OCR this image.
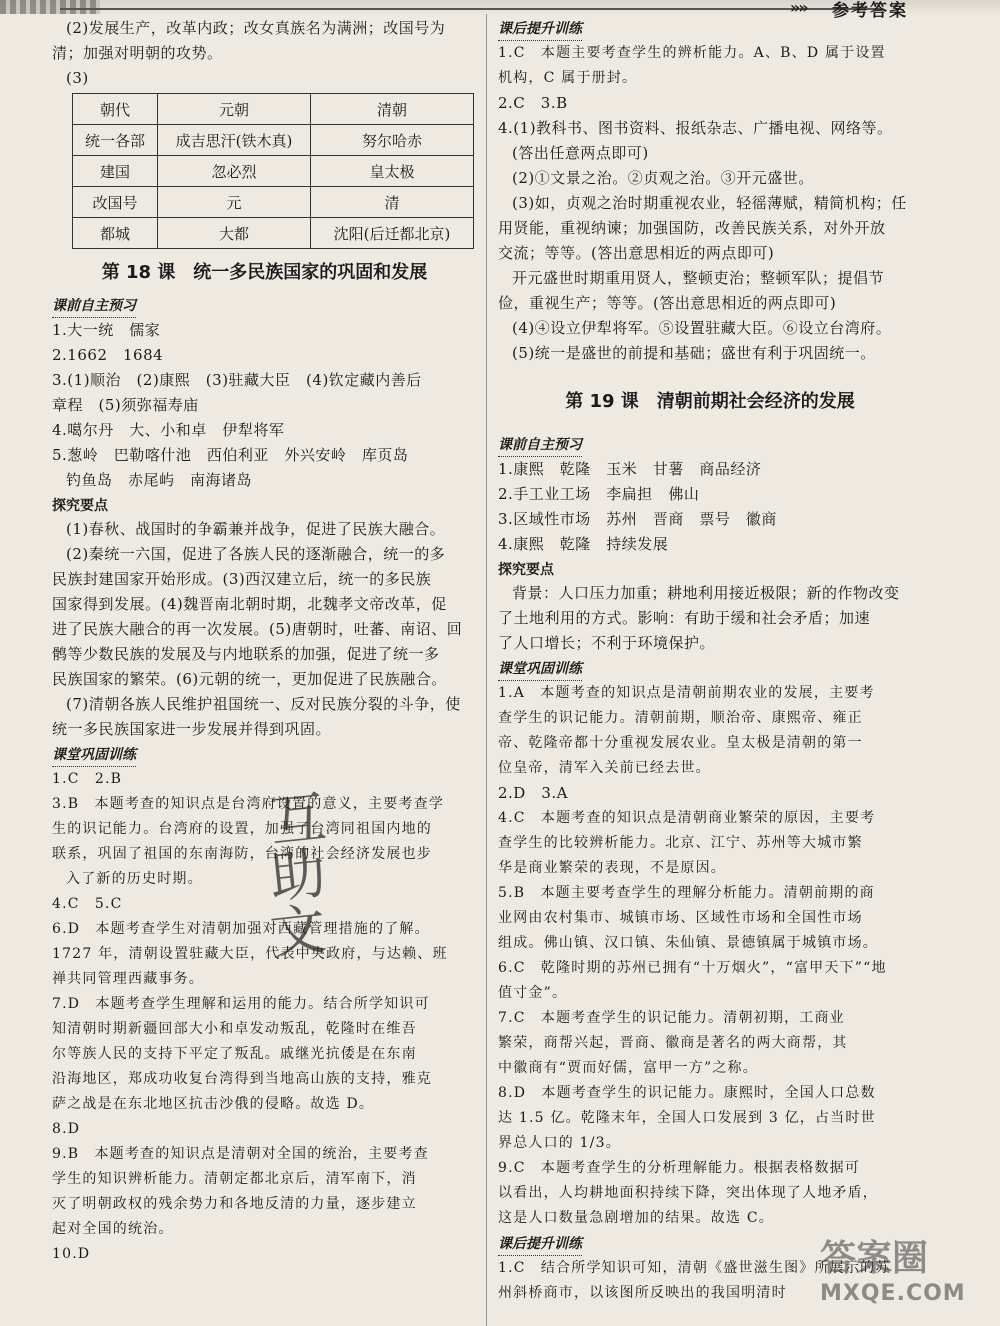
»» 参考答案

(2)发展生产，改革内政；改女真族名为满洲；改国号为

清；加强对明朝的攻势。

(3)

朝代	元朝	清朝
统一各部	成吉思汗(铁木真)	努尔哈赤
建国	忽必烈	皇太极
改国号	元	清
都城	大都	沈阳(后迁都北京)
第 18 课 统一多民族国家的巩固和发展
课前自主预习

1.大一统　儒家

2.1662　1684

3.(1)顺治　(2)康熙　(3)驻藏大臣　(4)钦定藏内善后

章程　(5)须弥福寿庙

4.噶尔丹　大、小和卓　伊犁将军

5.葱岭　巴勒喀什池　西伯利亚　外兴安岭　库页岛

钓鱼岛　赤尾屿　南海诸岛

探究要点

(1)春秋、战国时的争霸兼并战争，促进了民族大融合。

(2)秦统一六国，促进了各族人民的逐渐融合，统一的多

民族封建国家开始形成。(3)西汉建立后，统一的多民族

国家得到发展。(4)魏晋南北朝时期，北魏孝文帝改革，促

进了民族大融合的再一次发展。(5)唐朝时，吐蕃、南诏、回

鹘等少数民族的发展及与内地联系的加强，促进了统一多

民族国家的繁荣。(6)元朝的统一，更加促进了民族融合。

(7)清朝各族人民维护祖国统一、反对民族分裂的斗争，使

统一多民族国家进一步发展并得到巩固。

课堂巩固训练

1.C　2.B

3.B　本题考查的知识点是台湾府设置的意义，主要考查学

生的识记能力。台湾府的设置，加强了台湾同祖国内地的

联系，巩固了祖国的东南海防，台湾的社会经济发展也步

入了新的历史时期。

4.C　5.C

6.D　本题考查学生对清朝加强对西藏管理措施的了解。

1727 年，清朝设置驻藏大臣，代表中央政府，与达赖、班

禅共同管理西藏事务。

7.D　本题考查学生理解和运用的能力。结合所学知识可

知清朝时期新疆回部大小和卓发动叛乱，乾隆时在维吾

尔等族人民的支持下平定了叛乱。戚继光抗倭是在东南

沿海地区，郑成功收复台湾得到当地高山族的支持，雅克

萨之战是在东北地区抗击沙俄的侵略。故选 D。

8.D

9.B　本题考查的知识点是清朝对全国的统治，主要考查

学生的知识辨析能力。清朝定都北京后，清军南下，消

灭了明朝政权的残余势力和各地反清的力量，逐步建立

起对全国的统治。

10.D

互
助
文
课后提升训练

1.C　本题主要考查学生的辨析能力。A、B、D 属于设置

机构，C 属于册封。

2.C　3.B

4.(1)教科书、图书资料、报纸杂志、广播电视、网络等。

(答出任意两点即可)

(2)①文景之治。②贞观之治。③开元盛世。

(3)如，贞观之治时期重视农业，轻徭薄赋，精简机构；任

用贤能，重视纳谏；加强国防，改善民族关系，对外开放

交流；等等。(答出意思相近的两点即可)

开元盛世时期重用贤人，整顿吏治；整顿军队；提倡节

俭，重视生产；等等。(答出意思相近的两点即可)

(4)④设立伊犁将军。⑤设置驻藏大臣。⑥设立台湾府。

(5)统一是盛世的前提和基础；盛世有利于巩固统一。

第 19 课 清朝前期社会经济的发展
课前自主预习

1.康熙　乾隆　玉米　甘薯　商品经济

2.手工业工场　李扁担　佛山

3.区域性市场　苏州　晋商　票号　徽商

4.康熙　乾隆　持续发展

探究要点

背景：人口压力加重；耕地利用接近极限；新的作物改变

了土地利用的方式。影响：有助于缓和社会矛盾；加速

了人口增长；不利于环境保护。

课堂巩固训练

1.A　本题考查的知识点是清朝前期农业的发展，主要考

查学生的识记能力。清朝前期，顺治帝、康熙帝、雍正

帝、乾隆帝都十分重视发展农业。皇太极是清朝的第一

位皇帝，清军入关前已经去世。

2.D　3.A

4.C　本题考查的知识点是清朝商业繁荣的原因，主要考

查学生的比较辨析能力。北京、江宁、苏州等大城市繁

华是商业繁荣的表现，不是原因。

5.B　本题主要考查学生的理解分析能力。清朝前期的商

业网由农村集市、城镇市场、区域性市场和全国性市场

组成。佛山镇、汉口镇、朱仙镇、景德镇属于城镇市场。

6.C　乾隆时期的苏州已拥有“十万烟火”，“富甲天下”“地

值寸金”。

7.C　本题考查学生的识记能力。清朝初期，工商业

繁荣，商帮兴起，晋商、徽商是著名的两大商帮，其

中徽商有“贾而好儒，富甲一方”之称。

8.D　本题考查学生的识记能力。康熙时，全国人口总数

达 1.5 亿。乾隆末年，全国人口发展到 3 亿，占当时世

界总人口的 1/3。

9.C　本题考查学生的分析理解能力。根据表格数据可

以看出，人均耕地面积持续下降，突出体现了人地矛盾，

这是人口数量急剧增加的结果。故选 C。

课后提升训练

1.C　结合所学知识可知，清朝《盛世滋生图》所展示的苏

州斜桥商市，以该图所反映出的我国明清时

答案圈
MXQE.COM
